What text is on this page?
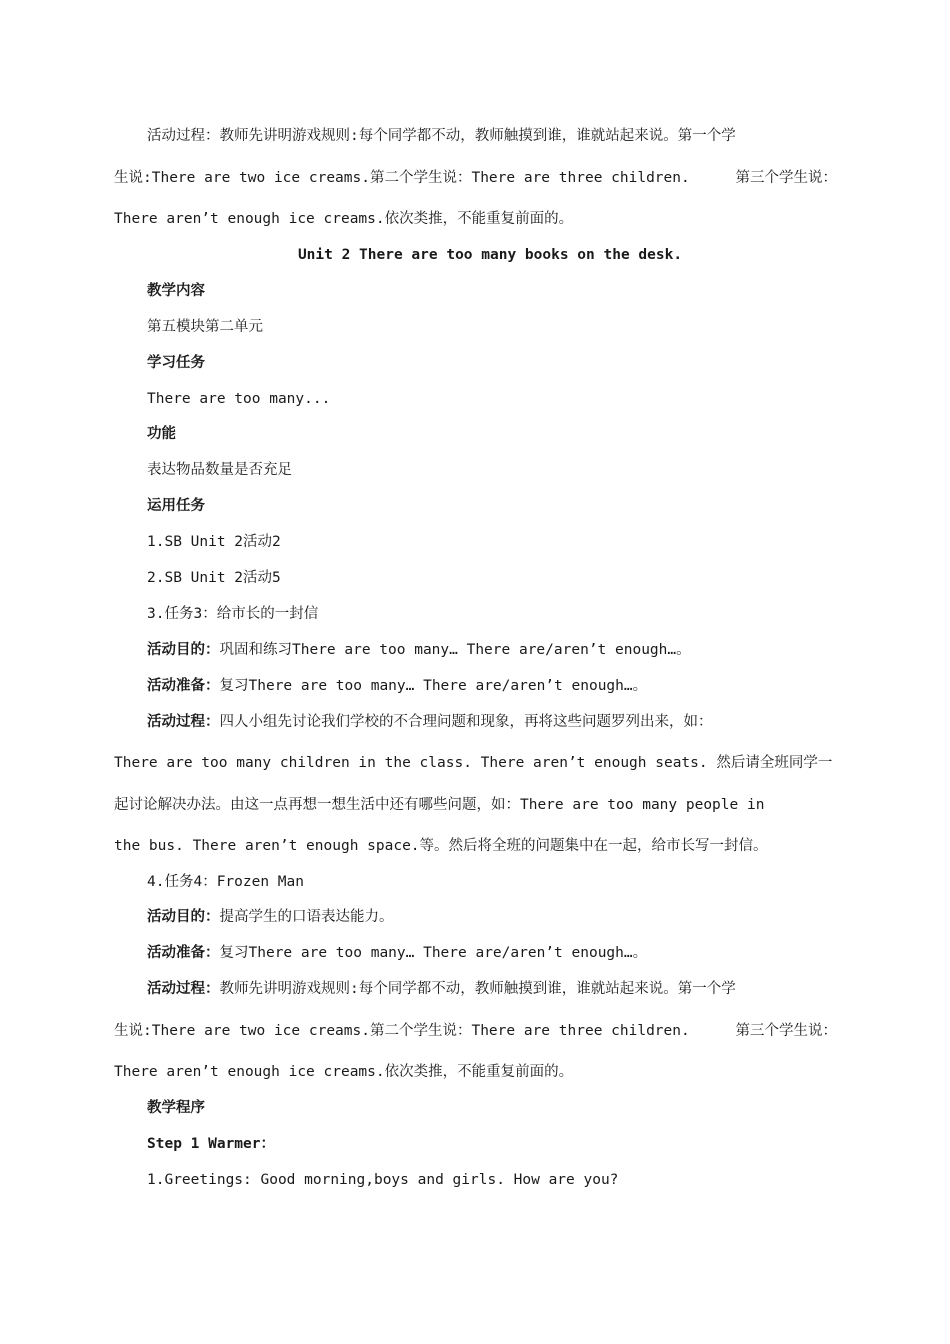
活动过程：教师先讲明游戏规则:每个同学都不动，教师触摸到谁，谁就站起来说。第一个学
生说:There are two ice creams.第二个学生说：There are three children.	第三个学生说：
There aren’t enough ice creams.依次类推，不能重复前面的。
Unit 2 There are too many books on the desk.
教学内容
第五模块第二单元
学习任务
There are too many...
功能
表达物品数量是否充足
运用任务
1.SB Unit 2活动2
2.SB Unit 2活动5
3.任务3：给市长的一封信
活动目的：巩固和练习There are too many… There are/aren’t enough…。
活动准备：复习There are too many… There are/aren’t enough…。
活动过程：四人小组先讨论我们学校的不合理问题和现象，再将这些问题罗列出来，如：
There are too many children in the class. There aren’t enough seats. 然后请全班同学一
起讨论解决办法。由这一点再想一想生活中还有哪些问题，如：There are too many people in
the bus. There aren’t enough space.等。然后将全班的问题集中在一起，给市长写一封信。
4.任务4：Frozen Man
活动目的：提高学生的口语表达能力。
活动准备：复习There are too many… There are/aren’t enough…。
活动过程：教师先讲明游戏规则:每个同学都不动，教师触摸到谁，谁就站起来说。第一个学
生说:There are two ice creams.第二个学生说：There are three children.	第三个学生说：
There aren’t enough ice creams.依次类推，不能重复前面的。
教学程序
Step 1 Warmer：
1.Greetings: Good morning,boys and girls. How are you?
